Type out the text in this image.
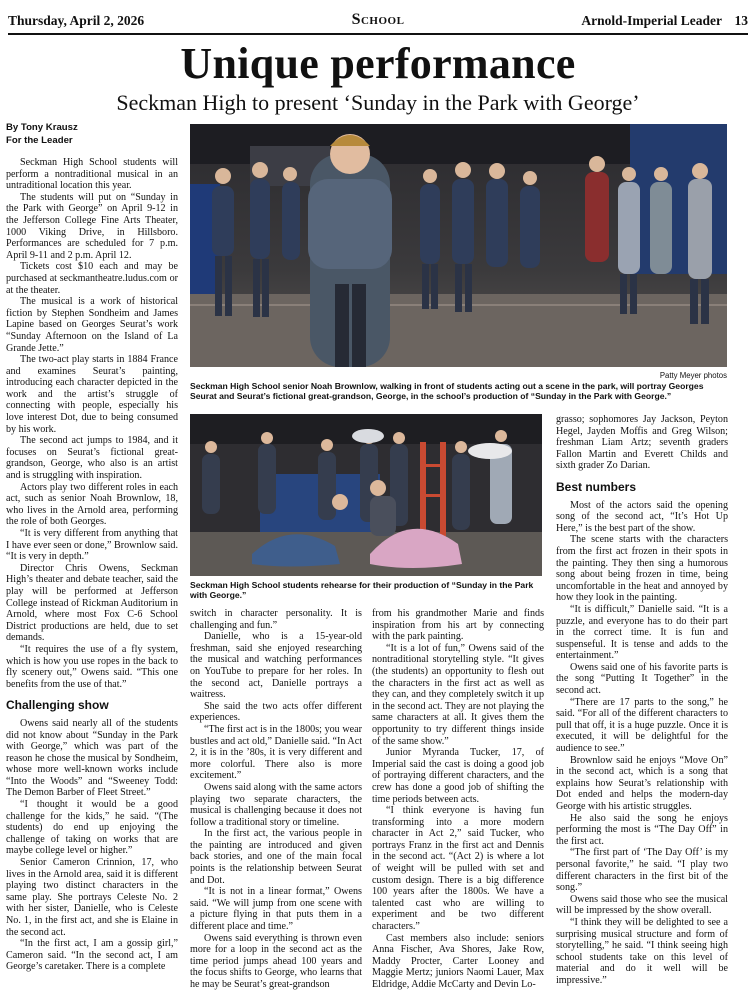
Thursday, April 2, 2026	School	Arnold-Imperial Leader 13
Unique performance
Seckman High to present ‘Sunday in the Park with George’
By Tony Krausz
For the Leader
Patty Meyer photos
Seckman High School senior Noah Brownlow, walking in front of students acting out a scene in the park, will portray Georges Seurat and Seurat’s fictional great-grandson, George, in the school’s production of “Sunday in the Park with George.”
Seckman High School students rehearse for their production of “Sunday in the Park with George.”

Seckman High School students will perform a nontraditional musical in an untraditional location this year.

The students will put on “Sunday in the Park with George” on April 9-12 in the Jefferson College Fine Arts Theater, 1000 Viking Drive, in Hillsboro. Performances are scheduled for 7 p.m. April 9-11 and 2 p.m. April 12.

Tickets cost $10 each and may be purchased at seckmantheatre.ludus.com or at the theater.

The musical is a work of historical fiction by Stephen Sondheim and James Lapine based on Georges Seurat’s work “Sunday Afternoon on the Island of La Grande Jette.”

The two-act play starts in 1884 France and examines Seurat’s painting, introducing each character depicted in the work and the artist’s struggle of connecting with people, especially his love interest Dot, due to being consumed by his work.

The second act jumps to 1984, and it focuses on Seurat’s fictional great-grandson, George, who also is an artist and is struggling with inspiration.

Actors play two different roles in each act, such as senior Noah Brownlow, 18, who lives in the Arnold area, performing the role of both Georges.

“It is very different from anything that I have ever seen or done,” Brownlow said. “It is very in depth.”

Director Chris Owens, Seckman High’s theater and debate teacher, said the play will be performed at Jefferson College instead of Rickman Auditorium in Arnold, where most Fox C-6 School District productions are held, due to set demands.

“It requires the use of a fly system, which is how you use ropes in the back to fly scenery out,” Owens said. “This one benefits from the use of that.”

Challenging show

Owens said nearly all of the students did not know about “Sunday in the Park with George,” which was part of the reason he chose the musical by Sondheim, whose more well-known works include “Into the Woods” and “Sweeney Todd: The Demon Barber of Fleet Street.”

“I thought it would be a good challenge for the kids,” he said. “(The students) do end up enjoying the challenge of taking on works that are maybe college level or higher.”

Senior Cameron Crinnion, 17, who lives in the Arnold area, said it is different playing two distinct characters in the same play. She portrays Celeste No. 2 with her sister, Danielle, who is Celeste No. 1, in the first act, and she is Elaine in the second act.

“In the first act, I am a gossip girl,” Cameron said. “In the second act, I am George’s caretaker. There is a complete

switch in character personality. It is challenging and fun.”

Danielle, who is a 15-year-old freshman, said she enjoyed researching the musical and watching performances on YouTube to prepare for her roles. In the second act, Danielle portrays a waitress.

She said the two acts offer different experiences.

“The first act is in the 1800s; you wear bustles and act old,” Danielle said. “In Act 2, it is in the ’80s, it is very different and more colorful. There also is more excitement.”

Owens said along with the same actors playing two separate characters, the musical is challenging because it does not follow a traditional story or timeline.

In the first act, the various people in the painting are introduced and given back stories, and one of the main focal points is the relationship between Seurat and Dot.

“It is not in a linear format,” Owens said. “We will jump from one scene with a picture flying in that puts them in a different place and time.”

Owens said everything is thrown even more for a loop in the second act as the time period jumps ahead 100 years and the focus shifts to George, who learns that he may be Seurat’s great-grandson

from his grandmother Marie and finds inspiration from his art by connecting with the park painting.

“It is a lot of fun,” Owens said of the nontraditional storytelling style. “It gives (the students) an opportunity to flesh out the characters in the first act as well as they can, and they completely switch it up in the second act. They are not playing the same characters at all. It gives them the opportunity to try different things inside of the same show.”

Junior Myranda Tucker, 17, of Imperial said the cast is doing a good job of portraying different characters, and the crew has done a good job of shifting the time periods between acts.

“I think everyone is having fun transforming into a more modern character in Act 2,” said Tucker, who portrays Franz in the first act and Dennis in the second act. “(Act 2) is where a lot of weight will be pulled with set and custom design. There is a big difference 100 years after the 1800s. We have a talented cast who are willing to experiment and be two different characters.”

Cast members also include: seniors Anna Fischer, Ava Shores, Jake Row, Maddy Procter, Carter Looney and Maggie Mertz; juniors Naomi Lauer, Max Eldridge, Addie McCarty and Devin Lo-

grasso; sophomores Jay Jackson, Peyton Hegel, Jayden Moffis and Greg Wilson; freshman Liam Artz; seventh graders Fallon Martin and Everett Childs and sixth grader Zo Darian.

Best numbers

Most of the actors said the opening song of the second act, “It’s Hot Up Here,” is the best part of the show.

The scene starts with the characters from the first act frozen in their spots in the painting. They then sing a humorous song about being frozen in time, being uncomfortable in the heat and annoyed by how they look in the painting.

“It is difficult,” Danielle said. “It is a puzzle, and everyone has to do their part in the correct time. It is fun and suspenseful. It is tense and adds to the entertainment.”

Owens said one of his favorite parts is the song “Putting It Together” in the second act.

“There are 17 parts to the song,” he said. “For all of the different characters to pull that off, it is a huge puzzle. Once it is executed, it will be delightful for the audience to see.”

Brownlow said he enjoys “Move On” in the second act, which is a song that explains how Seurat’s relationship with Dot ended and helps the modern-day George with his artistic struggles.

He also said the song he enjoys performing the most is “The Day Off” in the first act.

“The first part of ‘The Day Off’ is my personal favorite,” he said. “I play two different characters in the first bit of the song.”

Owens said those who see the musical will be impressed by the show overall.

“I think they will be delighted to see a surprising musical structure and form of storytelling,” he said. “I think seeing high school students take on this level of material and do it well will be impressive.”
